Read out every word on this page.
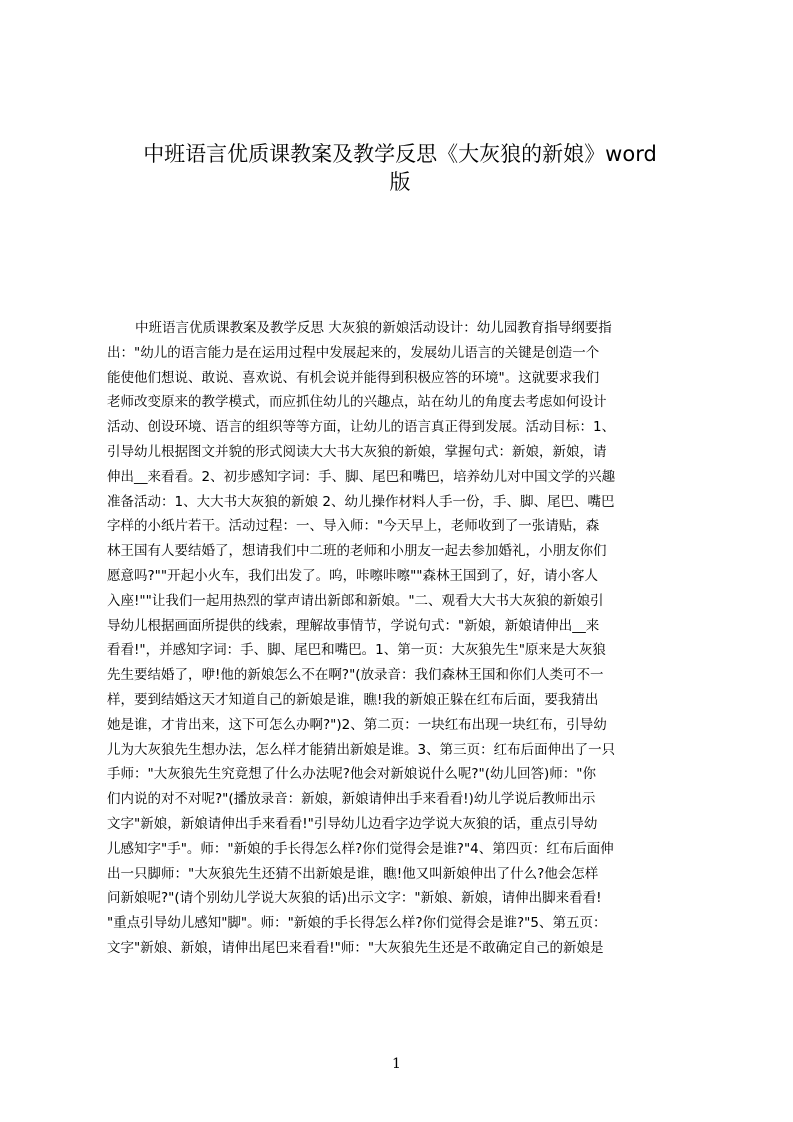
中班语言优质课教案及教学反思《大灰狼的新娘》word
版
中班语言优质课教案及教学反思 大灰狼的新娘活动设计：幼儿园教育指导纲要指
出："幼儿的语言能力是在运用过程中发展起来的，发展幼儿语言的关键是创造一个
能使他们想说、敢说、喜欢说、有机会说并能得到积极应答的环境"。这就要求我们
老师改变原来的教学模式，而应抓住幼儿的兴趣点，站在幼儿的角度去考虑如何设计
活动、创设环境、语言的组织等等方面，让幼儿的语言真正得到发展。活动目标：1、
引导幼儿根据图文并貌的形式阅读大大书大灰狼的新娘，掌握句式：新娘，新娘，请
伸出__来看看。2、初步感知字词：手、脚、尾巴和嘴巴，培养幼儿对中国文学的兴趣
准备活动：1、大大书大灰狼的新娘 2、幼儿操作材料人手一份，手、脚、尾巴、嘴巴
字样的小纸片若干。活动过程：一、导入师："今天早上，老师收到了一张请贴，森
林王国有人要结婚了，想请我们中二班的老师和小朋友一起去参加婚礼，小朋友你们
愿意吗?""开起小火车，我们出发了。呜，咔嚓咔嚓""森林王国到了，好，请小客人
入座!""让我们一起用热烈的掌声请出新郎和新娘。"二、观看大大书大灰狼的新娘引
导幼儿根据画面所提供的线索，理解故事情节，学说句式："新娘，新娘请伸出__来
看看!"，并感知字词：手、脚、尾巴和嘴巴。1、第一页：大灰狼先生"原来是大灰狼
先生要结婚了，咿!他的新娘怎么不在啊?"(放录音：我们森林王国和你们人类可不一
样，要到结婚这天才知道自己的新娘是谁，瞧!我的新娘正躲在红布后面，要我猜出
她是谁，才肯出来，这下可怎么办啊?")2、第二页：一块红布出现一块红布，引导幼
儿为大灰狼先生想办法，怎么样才能猜出新娘是谁。3、第三页：红布后面伸出了一只
手师："大灰狼先生究竟想了什么办法呢?他会对新娘说什么呢?"(幼儿回答)师："你
们内说的对不对呢?"(播放录音：新娘，新娘请伸出手来看看!)幼儿学说后教师出示
文字"新娘，新娘请伸出手来看看!"引导幼儿边看字边学说大灰狼的话，重点引导幼
儿感知字"手"。师："新娘的手长得怎么样?你们觉得会是谁?"4、第四页：红布后面伸
出一只脚师："大灰狼先生还猜不出新娘是谁，瞧!他又叫新娘伸出了什么?他会怎样
问新娘呢?"(请个别幼儿学说大灰狼的话)出示文字："新娘、新娘，请伸出脚来看看!
"重点引导幼儿感知"脚"。师："新娘的手长得怎么样?你们觉得会是谁?"5、第五页：
文字"新娘、新娘，请伸出尾巴来看看!"师："大灰狼先生还是不敢确定自己的新娘是
1
